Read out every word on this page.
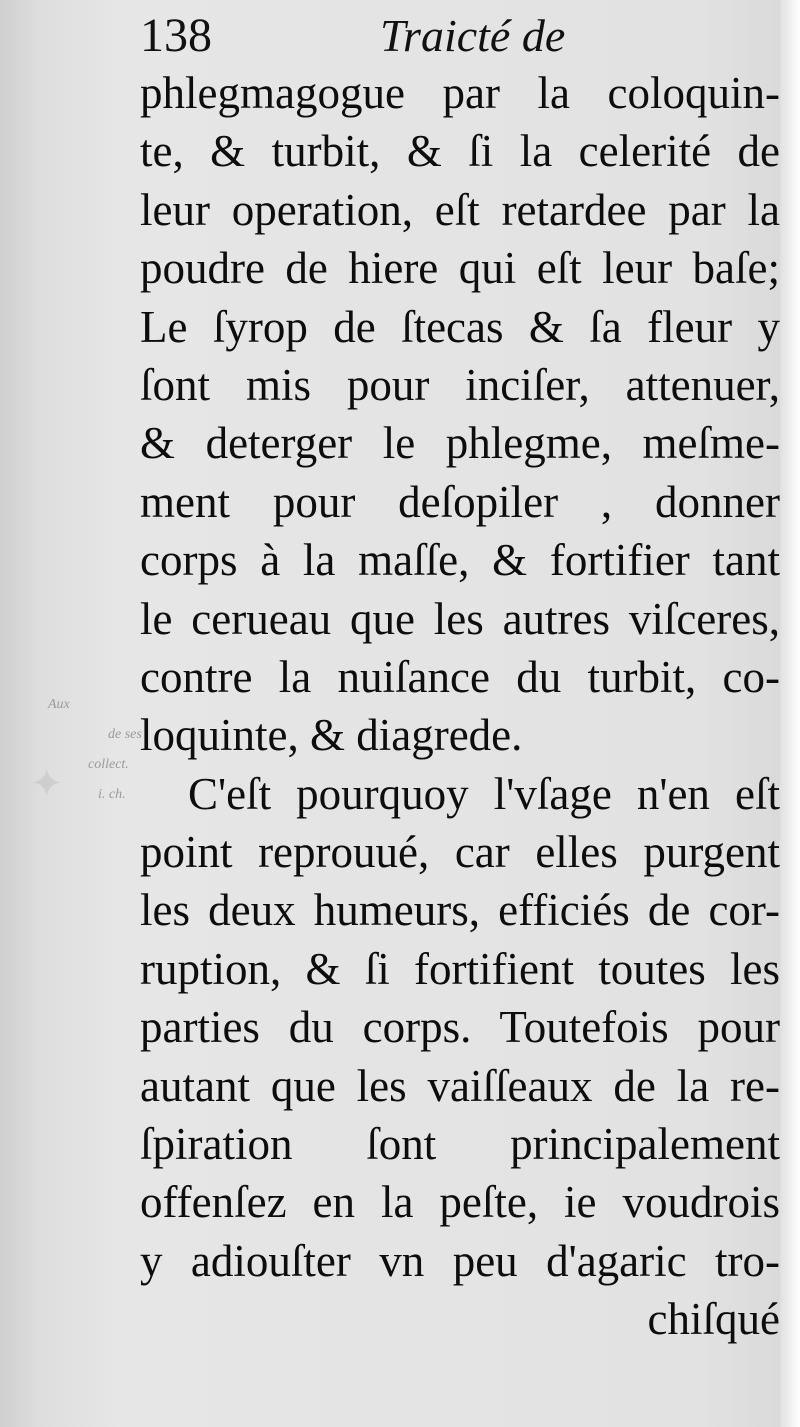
✦
138	Traicté de
Aux
de ses
collect.
i. ch.
phlegmagogue par la coloquin-
te, & turbit, & ſi la celerité de
leur operation, eſt retardee par la
poudre de hiere qui eſt leur baſe;
Le ſyrop de ſtecas & ſa fleur y
ſont mis pour inciſer, attenuer,
& deterger le phlegme, meſme-
ment pour deſopiler , donner
corps à la maſſe, & fortifier tant
le cerueau que les autres viſceres,
contre la nuiſance du turbit, co-
loquinte, & diagrede.
C'eſt pourquoy l'vſage n'en eſt
point reprouué, car elles purgent
les deux humeurs, efficiés de cor-
ruption, & ſi fortifient toutes les
parties du corps. Toutefois pour
autant que les vaiſſeaux de la re-
ſpiration ſont principalement
offenſez en la peſte, ie voudrois
y adiouſter vn peu d'agaric tro-
chiſqué
